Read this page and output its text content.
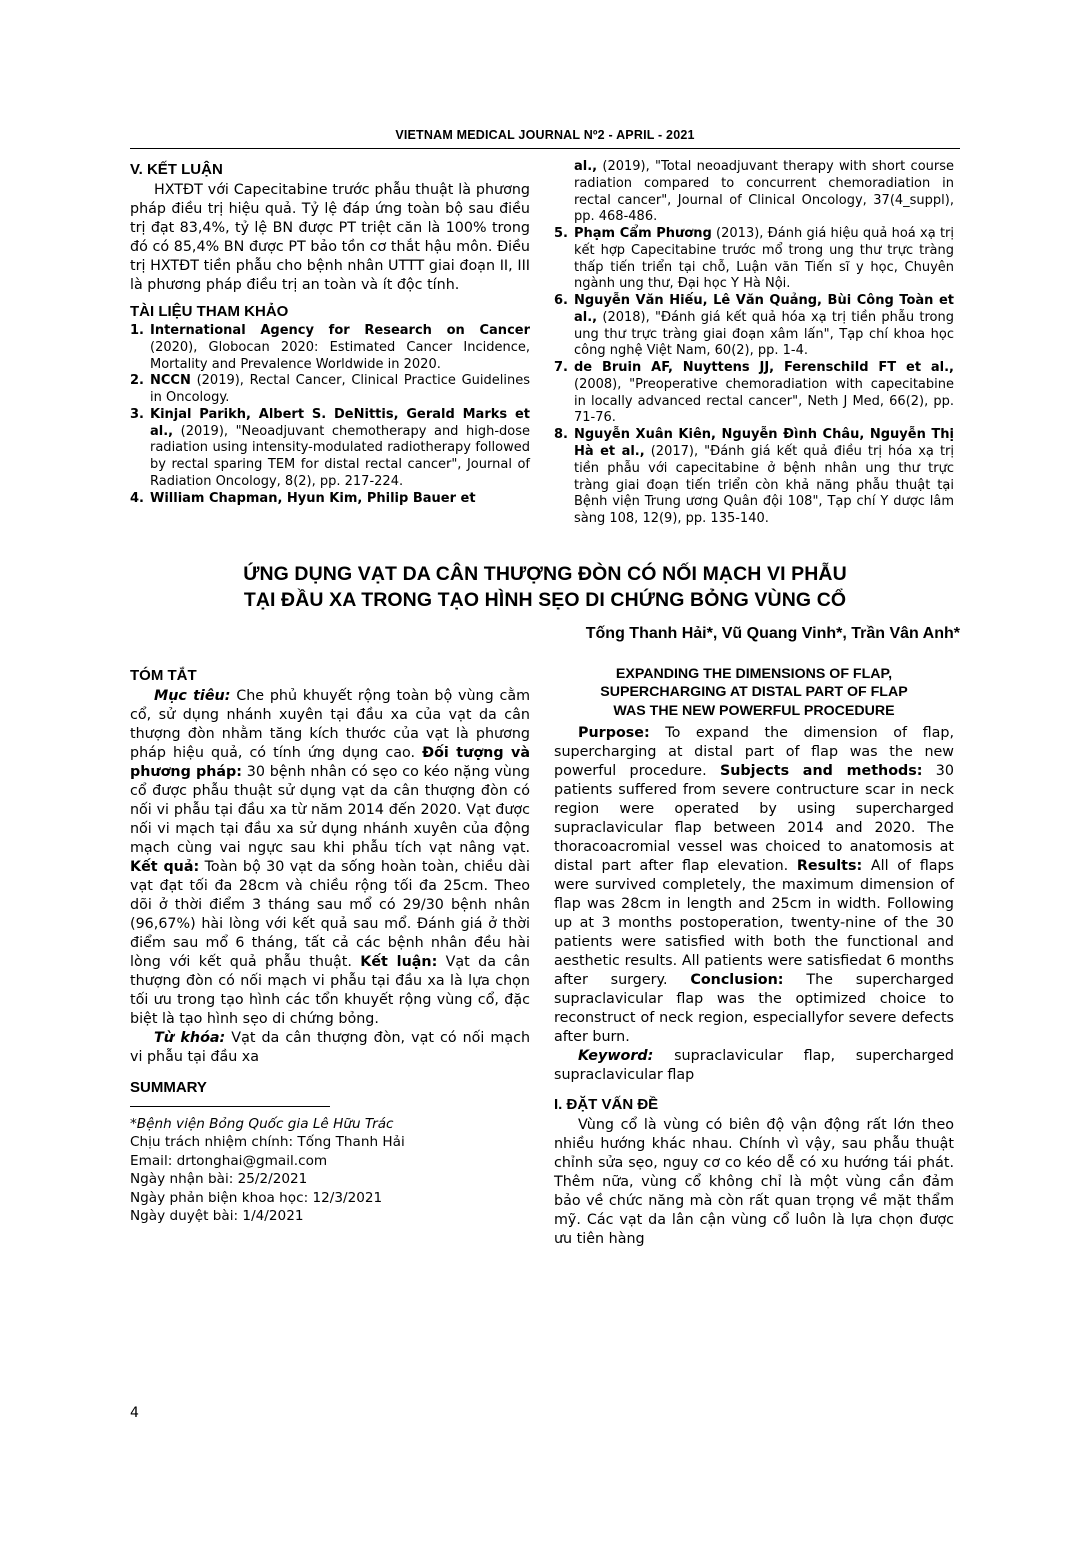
VIETNAM MEDICAL JOURNAL Nº2 - APRIL - 2021
V. KẾT LUẬN

HXTĐT với Capecitabine trước phẫu thuật là phương pháp điều trị hiệu quả. Tỷ lệ đáp ứng toàn bộ sau điều trị đạt 83,4%, tỷ lệ BN được PT triệt căn là 100% trong đó có 85,4% BN được PT bảo tồn cơ thắt hậu môn. Điều trị HXTĐT tiền phẫu cho bệnh nhân UTTT giai đoạn II, III là phương pháp điều trị an toàn và ít độc tính.

TÀI LIỆU THAM KHẢO
1. International Agency for Research on Cancer (2020), Globocan 2020: Estimated Cancer Incidence, Mortality and Prevalence Worldwide in 2020.
2. NCCN (2019), Rectal Cancer, Clinical Practice Guidelines in Oncology.
3. Kinjal Parikh, Albert S. DeNittis, Gerald Marks et al., (2019), "Neoadjuvant chemotherapy and high-dose radiation using intensity-modulated radiotherapy followed by rectal sparing TEM for distal rectal cancer", Journal of Radiation Oncology, 8(2), pp. 217-224.
4. William Chapman, Hyun Kim, Philip Bauer et
al., (2019), "Total neoadjuvant therapy with short course radiation compared to concurrent chemoradiation in rectal cancer", Journal of Clinical Oncology, 37(4_suppl), pp. 468-486.
5. Phạm Cẩm Phương (2013), Đánh giá hiệu quả hoá xạ trị kết hợp Capecitabine trước mổ trong ung thư trực tràng thấp tiến triển tại chỗ, Luận văn Tiến sĩ y học, Chuyên ngành ung thư, Đại học Y Hà Nội.
6. Nguyễn Văn Hiếu, Lê Văn Quảng, Bùi Công Toàn et al., (2018), "Đánh giá kết quả hóa xạ trị tiền phẫu trong ung thư trực tràng giai đoạn xâm lấn", Tạp chí khoa học công nghệ Việt Nam, 60(2), pp. 1-4.
7. de Bruin AF, Nuyttens JJ, Ferenschild FT et al., (2008), "Preoperative chemoradiation with capecitabine in locally advanced rectal cancer", Neth J Med, 66(2), pp. 71-76.
8. Nguyễn Xuân Kiên, Nguyễn Đình Châu, Nguyễn Thị Hà et al., (2017), "Đánh giá kết quả điều trị hóa xạ trị tiền phẫu với capecitabine ở bệnh nhân ung thư trực tràng giai đoạn tiến triển còn khả năng phẫu thuật tại Bệnh viện Trung ương Quân đội 108", Tạp chí Y dược lâm sàng 108, 12(9), pp. 135-140.
ỨNG DỤNG VẠT DA CÂN THƯỢNG ĐÒN CÓ NỐI MẠCH VI PHẪU
TẠI ĐẦU XA TRONG TẠO HÌNH SẸO DI CHỨNG BỎNG VÙNG CỔ
Tống Thanh Hải*, Vũ Quang Vinh*, Trần Vân Anh*
TÓM TẮT

Mục tiêu: Che phủ khuyết rộng toàn bộ vùng cằm cổ, sử dụng nhánh xuyên tại đầu xa của vạt da cân thượng đòn nhằm tăng kích thước của vạt là phương pháp hiệu quả, có tính ứng dụng cao. Đối tượng và phương pháp: 30 bệnh nhân có sẹo co kéo nặng vùng cổ được phẫu thuật sử dụng vạt da cân thượng đòn có nối vi phẫu tại đầu xa từ năm 2014 đến 2020. Vạt được nối vi mạch tại đầu xa sử dụng nhánh xuyên của động mạch cùng vai ngực sau khi phẫu tích vạt nâng vạt. Kết quả: Toàn bộ 30 vạt da sống hoàn toàn, chiều dài vạt đạt tối đa 28cm và chiều rộng tối đa 25cm. Theo dõi ở thời điểm 3 tháng sau mổ có 29/30 bệnh nhân (96,67%) hài lòng với kết quả sau mổ. Đánh giá ở thời điểm sau mổ 6 tháng, tất cả các bệnh nhân đều hài lòng với kết quả phẫu thuật. Kết luận: Vạt da cân thượng đòn có nối mạch vi phẫu tại đầu xa là lựa chọn tối ưu trong tạo hình các tổn khuyết rộng vùng cổ, đặc biệt là tạo hình sẹo di chứng bỏng.

Từ khóa: Vạt da cân thượng đòn, vạt có nối mạch vi phẫu tại đầu xa

SUMMARY
*Bệnh viện Bỏng Quốc gia Lê Hữu Trác
Chịu trách nhiệm chính: Tống Thanh Hải
Email: drtonghai@gmail.com
Ngày nhận bài: 25/2/2021
Ngày phản biện khoa học: 12/3/2021
Ngày duyệt bài: 1/4/2021
EXPANDING THE DIMENSIONS OF FLAP,
SUPERCHARGING AT DISTAL PART OF FLAP
WAS THE NEW POWERFUL PROCEDURE

Purpose: To expand the dimension of flap, supercharging at distal part of flap was the new powerful procedure. Subjects and methods: 30 patients suffered from severe contructure scar in neck region were operated by using supercharged supraclavicular flap between 2014 and 2020. The thoracoacromial vessel was choiced to anatomosis at distal part after flap elevation. Results: All of flaps were survived completely, the maximum dimension of flap was 28cm in length and 25cm in width. Following up at 3 months postoperation, twenty-nine of the 30 patients were satisfied with both the functional and aesthetic results. All patients were satisfiedat 6 months after surgery. Conclusion: The supercharged supraclavicular flap was the optimized choice to reconstruct of neck region, especiallyfor severe defects after burn.

Keyword: supraclavicular flap, supercharged supraclavicular flap

I. ĐẶT VẤN ĐỀ

Vùng cổ là vùng có biên độ vận động rất lớn theo nhiều hướng khác nhau. Chính vì vậy, sau phẫu thuật chỉnh sửa sẹo, nguy cơ co kéo dễ có xu hướng tái phát. Thêm nữa, vùng cổ không chỉ là một vùng cần đảm bảo về chức năng mà còn rất quan trọng về mặt thẩm mỹ. Các vạt da lân cận vùng cổ luôn là lựa chọn được ưu tiên hàng

4
